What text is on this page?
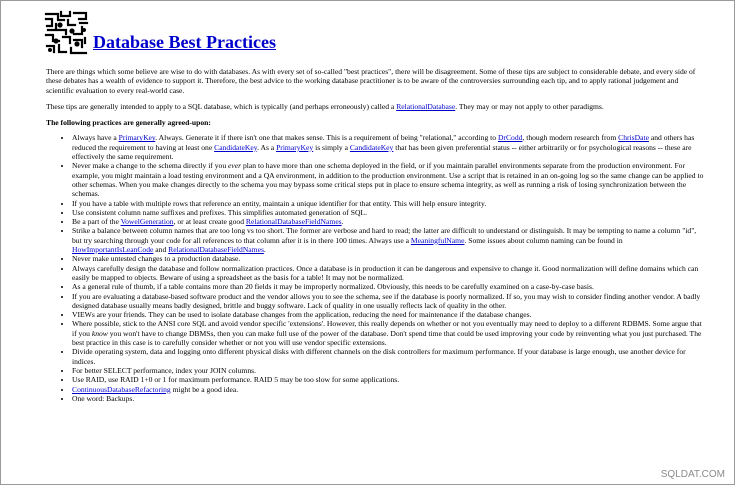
Database Best Practices

There are things which some believe are wise to do with databases. As with every set of so-called "best practices", there will be disagreement. Some of these tips are subject to considerable debate, and every side of these debates has a wealth of evidence to support it. Therefore, the best advice to the working database practitioner is to be aware of the controversies surrounding each tip, and to apply rational judgement and scientific evaluation to every real-world case.

These tips are generally intended to apply to a SQL database, which is typically (and perhaps erroneously) called a RelationalDatabase. They may or may not apply to other paradigms.

The following practices are generally agreed-upon:

• Always have a PrimaryKey. Always. Generate it if there isn't one that makes sense. This is a requirement of being "relational," according to DrCodd, though modern research from ChrisDate and others has reduced the requirement to having at least one CandidateKey. As a PrimaryKey is simply a CandidateKey that has been given preferential status -- either arbitrarily or for psychological reasons -- these are effectively the same requirement.
• Never make a change to the schema directly if you ever plan to have more than one schema deployed in the field, or if you maintain parallel environments separate from the production environment. For example, you might maintain a load testing environment and a QA environment, in addition to the production environment. Use a script that is retained in an on-going log so the same change can be applied to other schemas. When you make changes directly to the schema you may bypass some critical steps put in place to ensure schema integrity, as well as running a risk of losing synchronization between the schemas.
• If you have a table with multiple rows that reference an entity, maintain a unique identifier for that entity. This will help ensure integrity.
• Use consistent column name suffixes and prefixes. This simplifies automated generation of SQL.
• Be a part of the VowelGeneration, or at least create good RelationalDatabaseFieldNames.
• Strike a balance between column names that are too long vs too short. The former are verbose and hard to read; the latter are difficult to understand or distinguish. It may be tempting to name a column "id", but try searching through your code for all references to that column after it is in there 100 times. Always use a MeaningfulName. Some issues about column naming can be found in HowImportantIsLeanCode and RelationalDatabaseFieldNames.
• Never make untested changes to a production database.
• Always carefully design the database and follow normalization practices. Once a database is in production it can be dangerous and expensive to change it. Good normalization will define domains which can easily be mapped to objects. Beware of using a spreadsheet as the basis for a table! It may not be normalized.
• As a general rule of thumb, if a table contains more than 20 fields it may be improperly normalized. Obviously, this needs to be carefully examined on a case-by-case basis.
• If you are evaluating a database-based software product and the vendor allows you to see the schema, see if the database is poorly normalized. If so, you may wish to consider finding another vendor. A badly designed database usually means badly designed, brittle and buggy software. Lack of quality in one usually reflects lack of quality in the other.
• VIEWs are your friends. They can be used to isolate database changes from the application, reducing the need for maintenance if the database changes.
• Where possible, stick to the ANSI core SQL and avoid vendor specific 'extensions'. However, this really depends on whether or not you eventually may need to deploy to a different RDBMS. Some argue that if you know you won't have to change DBMSs, then you can make full use of the power of the database. Don't spend time that could be used improving your code by reinventing what you just purchased. The best practice in this case is to carefully consider whether or not you will use vendor specific extensions.
• Divide operating system, data and logging onto different physical disks with different channels on the disk controllers for maximum performance. If your database is large enough, use another device for indices.
• For better SELECT performance, index your JOIN columns.
• Use RAID, use RAID 1+0 or 1 for maximum performance. RAID 5 may be too slow for some applications.
• ContinuousDatabaseRefactoring might be a good idea.
• One word: Backups.
SQLDAT.COM
